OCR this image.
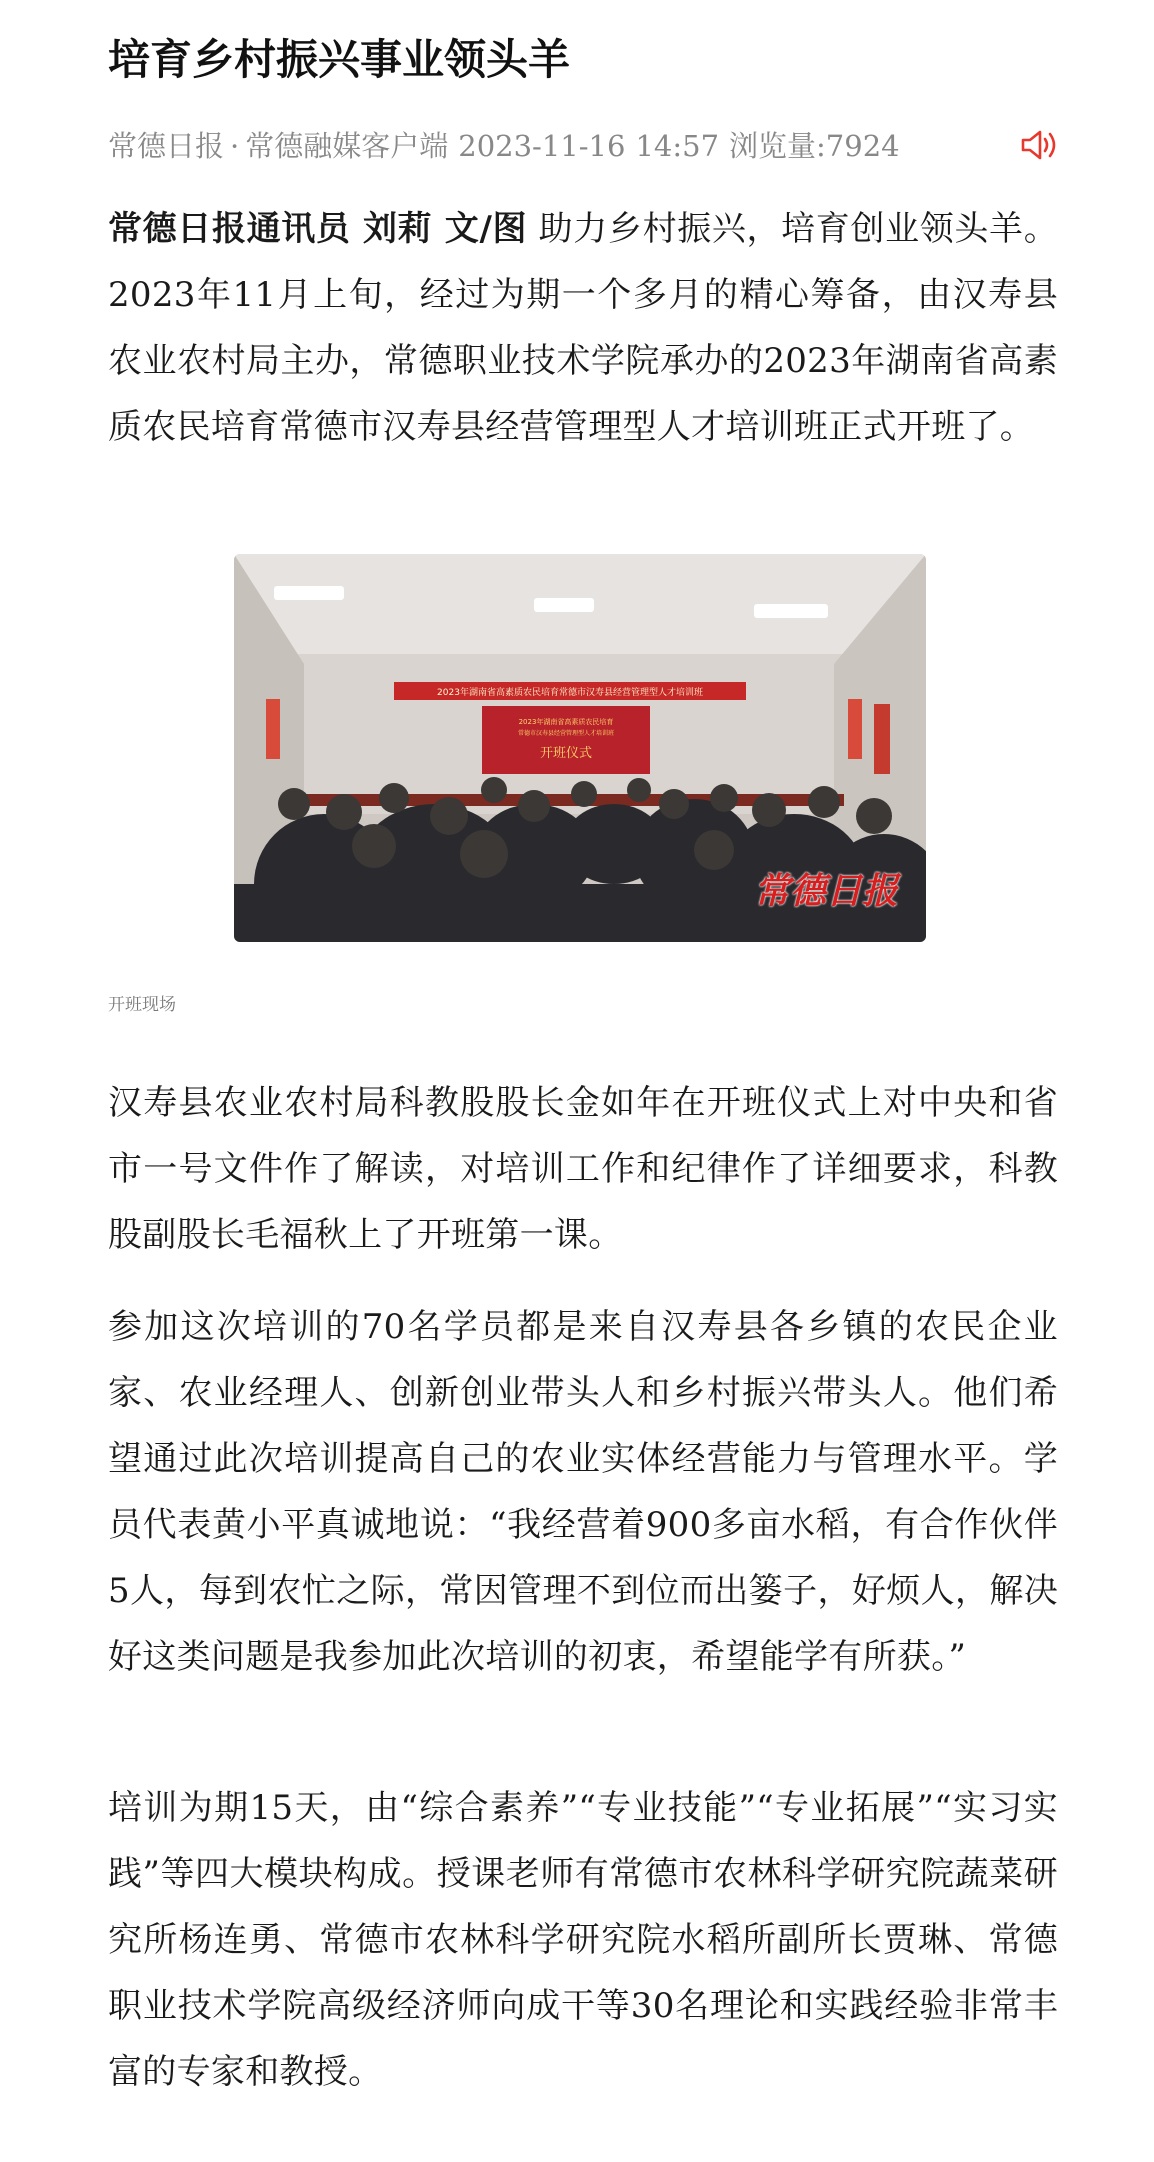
培育乡村振兴事业领头羊
常德日报 · 常德融媒客户端 2023-11-16 14:57 浏览量:7924

常德日报通讯员 刘莉 文/图 助力乡村振兴，培育创业领头羊。2023年11月上旬，经过为期一个多月的精心筹备，由汉寿县农业农村局主办，常德职业技术学院承办的2023年湖南省高素质农民培育常德市汉寿县经营管理型人才培训班正式开班了。

2023年湖南省高素质农民培育常德市汉寿县经营管理型人才培训班
2023年湖南省高素质农民培育
常德市汉寿县经营管理型人才培训班
开班仪式
常德日报
开班现场

汉寿县农业农村局科教股股长金如年在开班仪式上对中央和省市一号文件作了解读，对培训工作和纪律作了详细要求，科教股副股长毛福秋上了开班第一课。

参加这次培训的70名学员都是来自汉寿县各乡镇的农民企业家、农业经理人、创新创业带头人和乡村振兴带头人。他们希望通过此次培训提高自己的农业实体经营能力与管理水平。学员代表黄小平真诚地说：“我经营着900多亩水稻，有合作伙伴5人，每到农忙之际，常因管理不到位而出篓子，好烦人，解决好这类问题是我参加此次培训的初衷，希望能学有所获。”

培训为期15天，由“综合素养”“专业技能”“专业拓展”“实习实践”等四大模块构成。授课老师有常德市农林科学研究院蔬菜研究所杨连勇、常德市农林科学研究院水稻所副所长贾琳、常德职业技术学院高级经济师向成干等30名理论和实践经验非常丰富的专家和教授。
